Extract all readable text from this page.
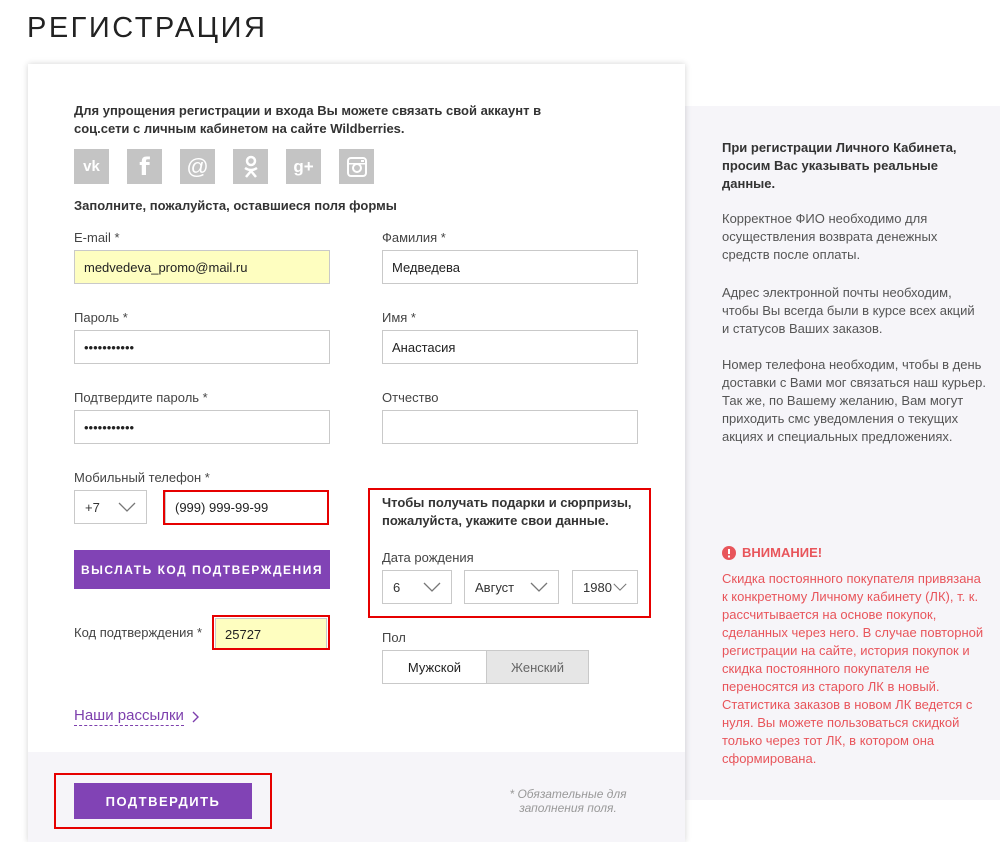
РЕГИСТРАЦИЯ
При регистрации Личного Кабинета, просим Вас указывать реальные данные.
Корректное ФИО необходимо для осуществления возврата денежных средств после оплаты.
Адрес электронной почты необходим, чтобы Вы всегда были в курсе всех акций и статусов Ваших заказов.
Номер телефона необходим, чтобы в день доставки с Вами мог связаться наш курьер. Так же, по Вашему желанию, Вам могут приходить смс уведомления о текущих акциях и специальных предложениях.
ВНИМАНИЕ!
Скидка постоянного покупателя привязана к конкретному Личному кабинету (ЛК), т. к. рассчитывается на основе покупок, сделанных через него. В случае повторной регистрации на сайте, история покупок и скидка постоянного покупателя не переносятся из старого ЛК в новый. Статистика заказов в новом ЛК ведется с нуля. Вы можете пользоваться скидкой только через тот ЛК, в котором она сформирована.
Для упрощения регистрации и входа Вы можете связать свой аккаунт в соц.сети с личным кабинетом на сайте Wildberries.
vk f @	g+
Заполните, пожалуйста, оставшиеся поля формы
E-mail *
medvedeva_promo@mail.ru
Пароль *
•••••••••••
Подтвердите пароль *
•••••••••••
Мобильный телефон *
+7	(999) 999-99-99
ВЫСЛАТЬ КОД ПОДТВЕРЖДЕНИЯ
Код подтверждения * 25727
Наши рассылки
Фамилия *
Медведева
Имя *
Анастасия
Отчество
Чтобы получать подарки и сюрпризы, пожалуйста, укажите свои данные.
Дата рождения
6	Август	1980
Пол
Мужской	Женский
ПОДТВЕРДИТЬ	* Обязательные для заполнения поля.
